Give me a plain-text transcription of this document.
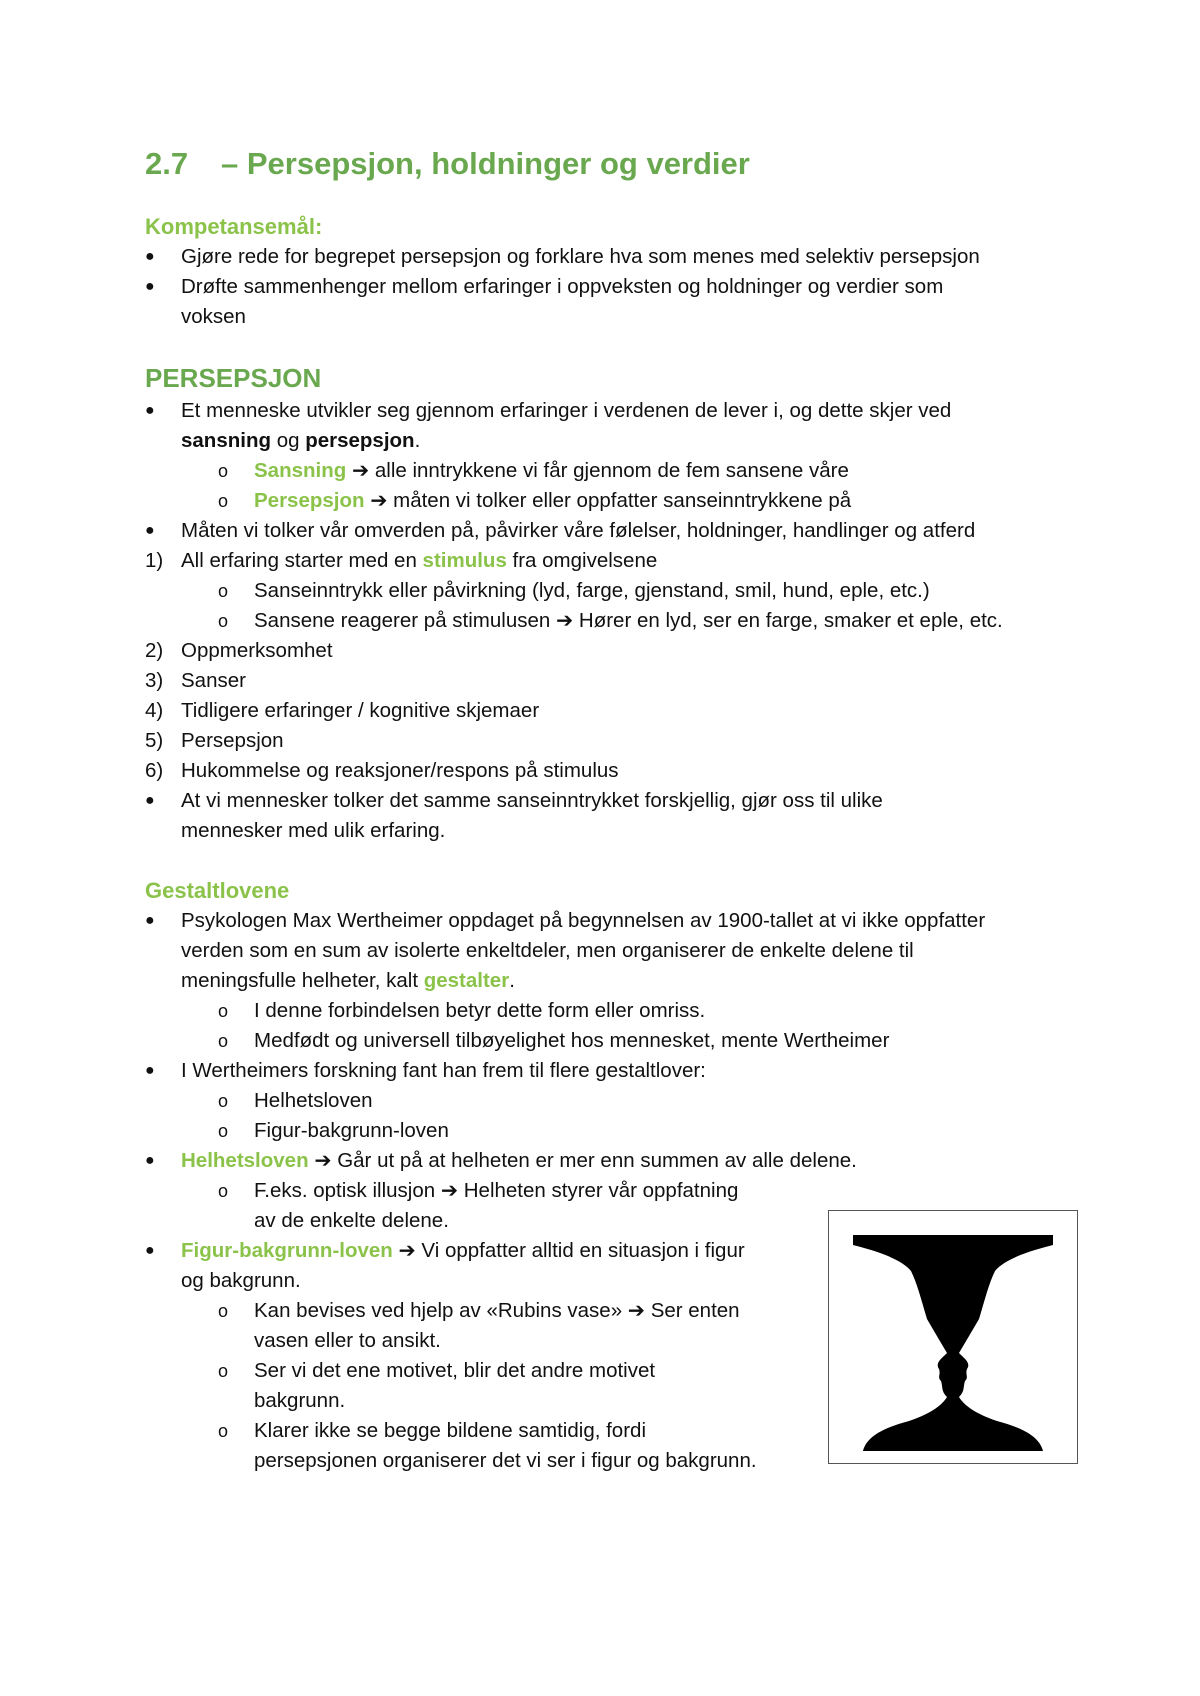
2.7 – Persepsjon, holdninger og verdier
Kompetansemål:
●	Gjøre rede for begrepet persepsjon og forklare hva som menes med selektiv persepsjon
●	Drøfte sammenhenger mellom erfaringer i oppveksten og holdninger og verdier som
voksen
PERSEPSJON
●	Et menneske utvikler seg gjennom erfaringer i verdenen de lever i, og dette skjer ved
sansning og persepsjon.
o	Sansning ➔ alle inntrykkene vi får gjennom de fem sansene våre
o	Persepsjon ➔ måten vi tolker eller oppfatter sanseinntrykkene på
●	Måten vi tolker vår omverden på, påvirker våre følelser, holdninger, handlinger og atferd
1) All erfaring starter med en stimulus fra omgivelsene
o	Sanseinntrykk eller påvirkning (lyd, farge, gjenstand, smil, hund, eple, etc.)
o	Sansene reagerer på stimulusen ➔ Hører en lyd, ser en farge, smaker et eple, etc.
2) Oppmerksomhet
3) Sanser
4) Tidligere erfaringer / kognitive skjemaer
5) Persepsjon
6) Hukommelse og reaksjoner/respons på stimulus
●	At vi mennesker tolker det samme sanseinntrykket forskjellig, gjør oss til ulike
mennesker med ulik erfaring.
Gestaltlovene
●	Psykologen Max Wertheimer oppdaget på begynnelsen av 1900-tallet at vi ikke oppfatter
verden som en sum av isolerte enkeltdeler, men organiserer de enkelte delene til
meningsfulle helheter, kalt gestalter.
o	I denne forbindelsen betyr dette form eller omriss.
o	Medfødt og universell tilbøyelighet hos mennesket, mente Wertheimer
●	I Wertheimers forskning fant han frem til flere gestaltlover:
o	Helhetsloven
o	Figur-bakgrunn-loven
●	Helhetsloven ➔ Går ut på at helheten er mer enn summen av alle delene.
o	F.eks. optisk illusjon ➔ Helheten styrer vår oppfatning
av de enkelte delene.
●	Figur-bakgrunn-loven ➔ Vi oppfatter alltid en situasjon i figur
og bakgrunn.
o	Kan bevises ved hjelp av «Rubins vase» ➔ Ser enten
vasen eller to ansikt.
o	Ser vi det ene motivet, blir det andre motivet
bakgrunn.
o	Klarer ikke se begge bildene samtidig, fordi
persepsjonen organiserer det vi ser i figur og bakgrunn.
